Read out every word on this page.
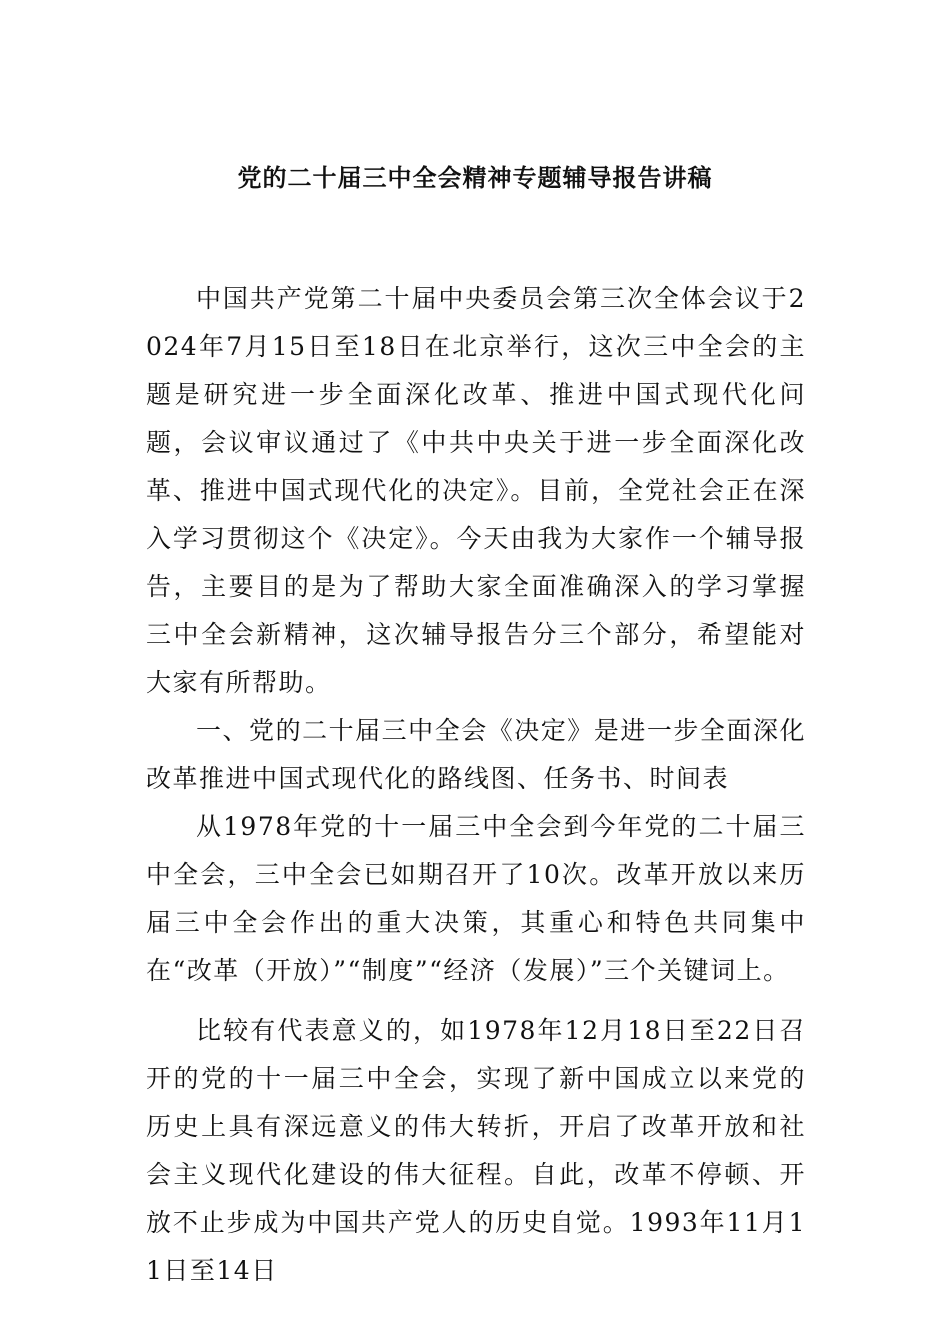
党的二十届三中全会精神专题辅导报告讲稿

中国共产党第二十届中央委员会第三次全体会议于2024年7月15日至18日在北京举行，这次三中全会的主题是研究进一步全面深化改革、推进中国式现代化问题，会议审议通过了《中共中央关于进一步全面深化改革、推进中国式现代化的决定》。目前，全党社会正在深入学习贯彻这个《决定》。今天由我为大家作一个辅导报告，主要目的是为了帮助大家全面准确深入的学习掌握三中全会新精神，这次辅导报告分三个部分，希望能对大家有所帮助。

一、党的二十届三中全会《决定》是进一步全面深化改革推进中国式现代化的路线图、任务书、时间表

从1978年党的十一届三中全会到今年党的二十届三中全会，三中全会已如期召开了10次。改革开放以来历届三中全会作出的重大决策，其重心和特色共同集中在“改革（开放）”“制度”“经济（发展）”三个关键词上。

比较有代表意义的，如1978年12月18日至22日召开的党的十一届三中全会，实现了新中国成立以来党的历史上具有深远意义的伟大转折，开启了改革开放和社会主义现代化建设的伟大征程。自此，改革不停顿、开放不止步成为中国共产党人的历史自觉。1993年11月11日至14日
